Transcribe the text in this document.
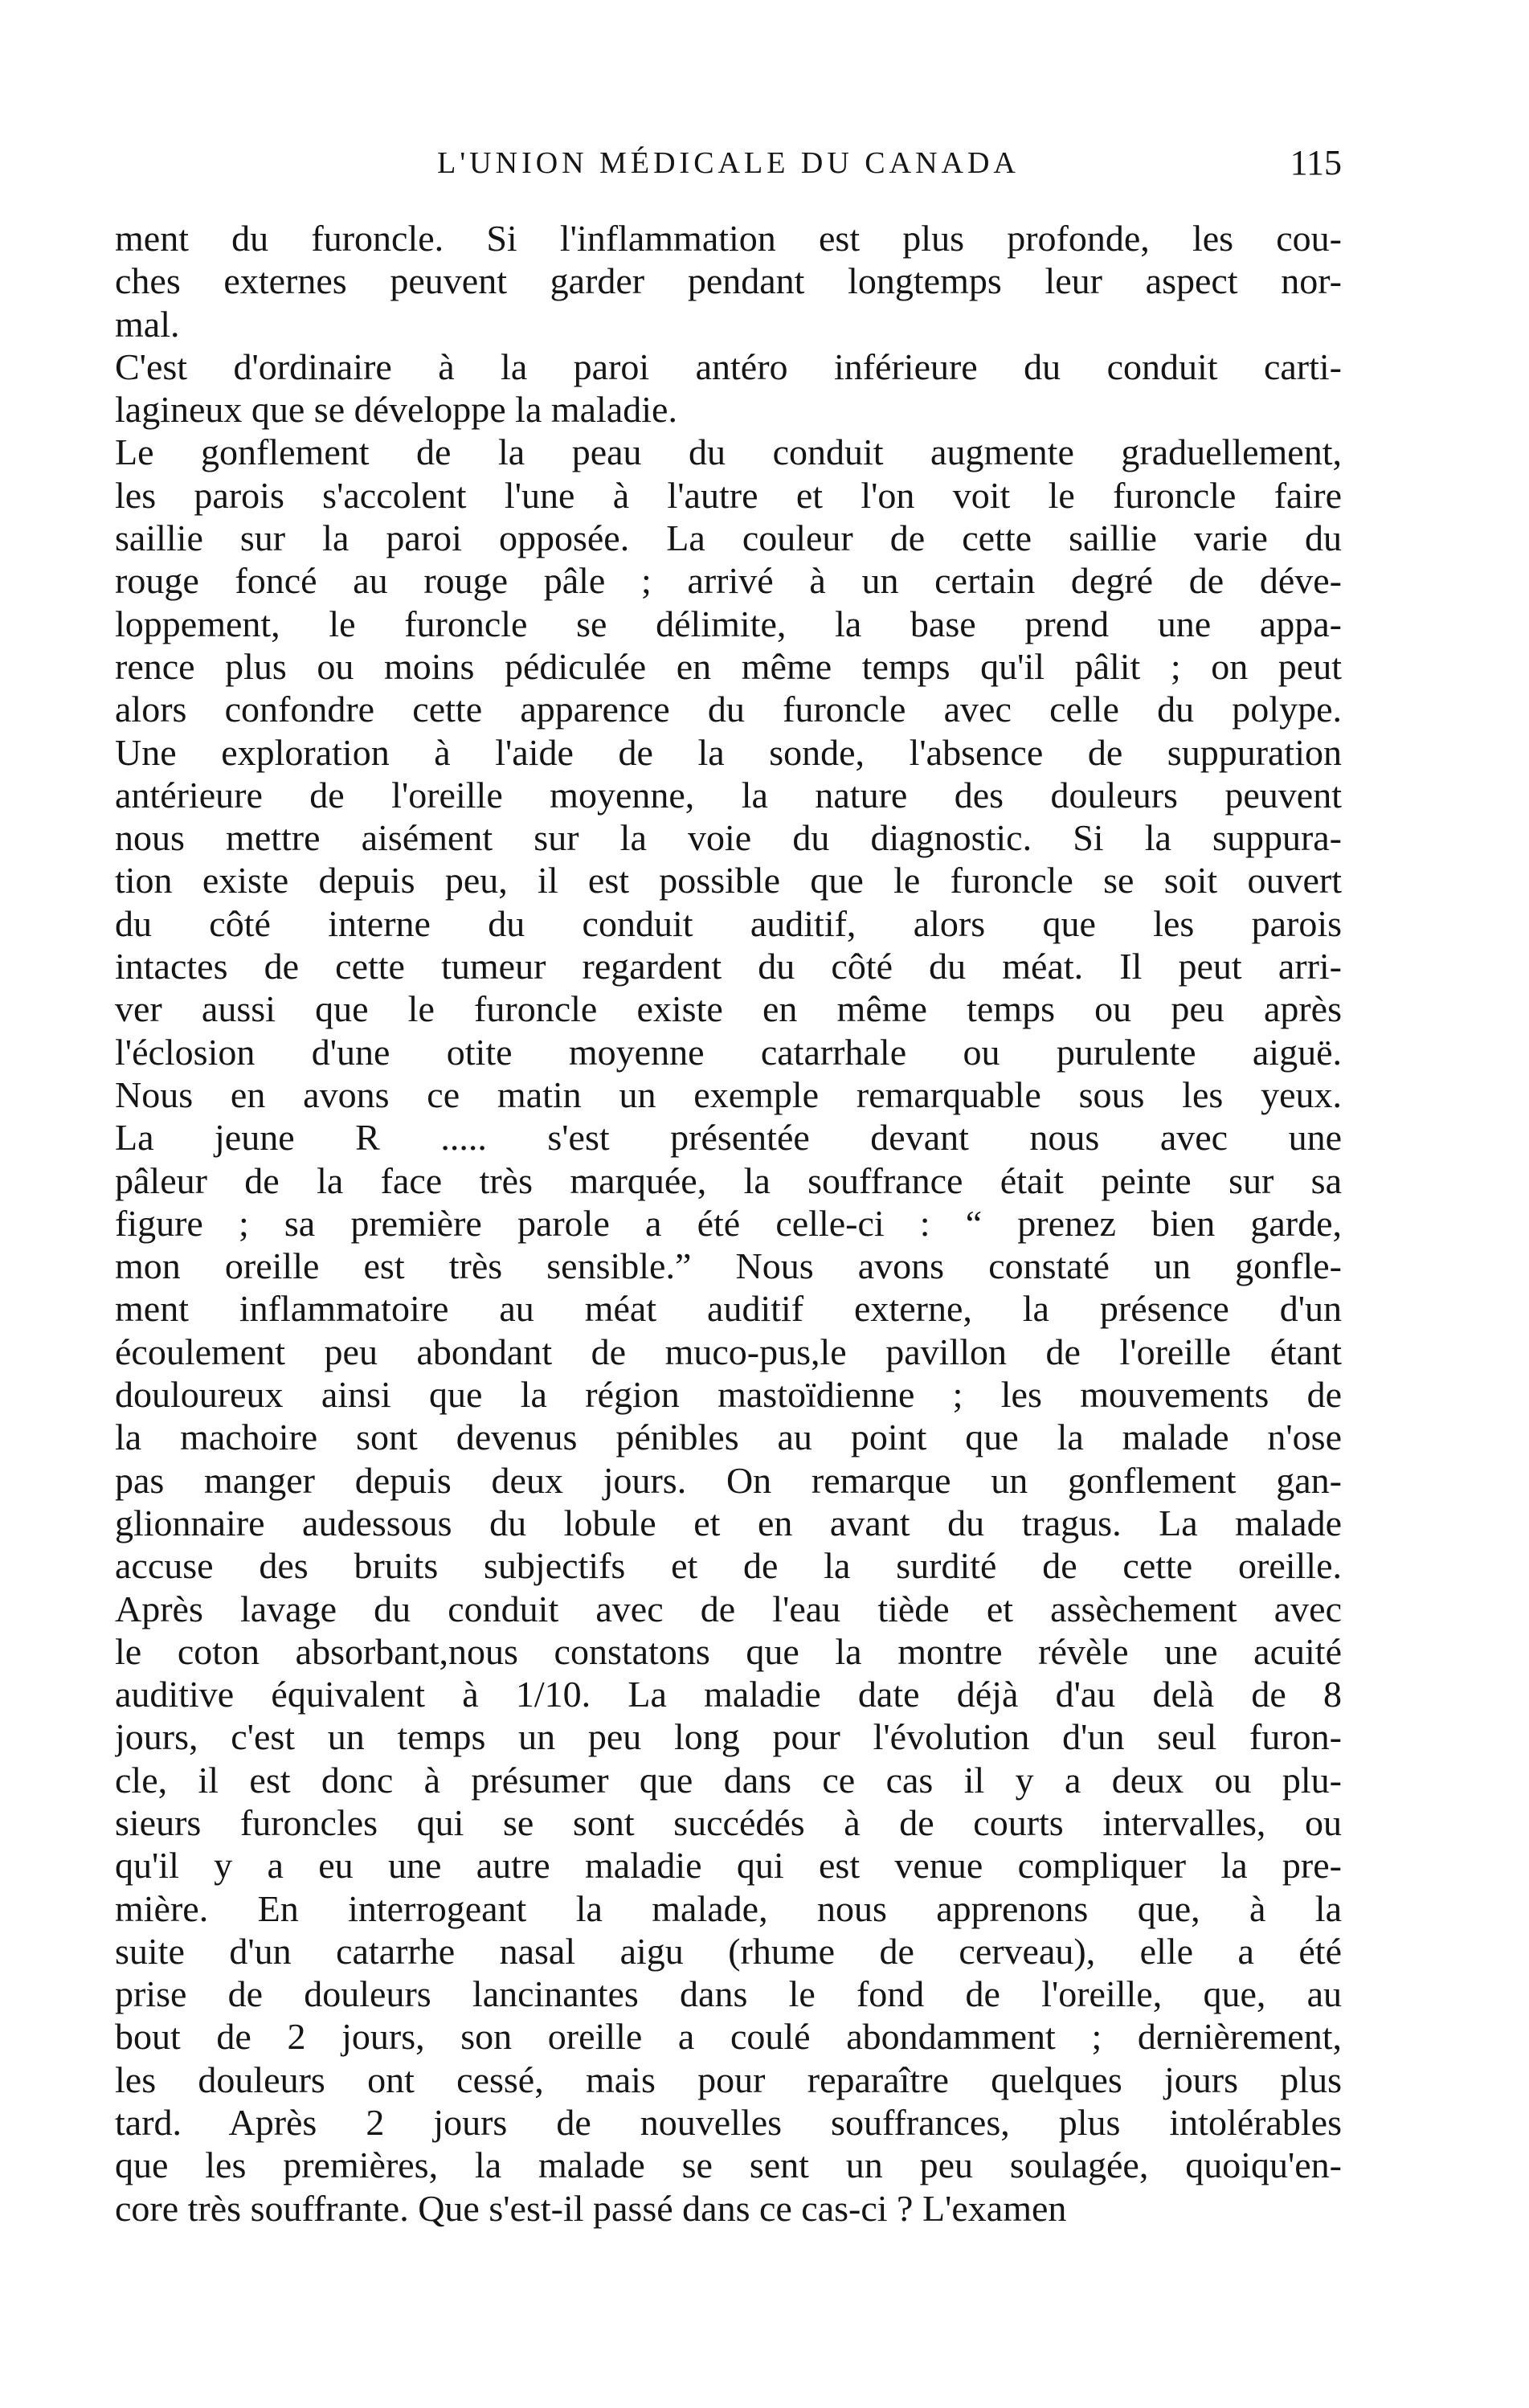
L'UNION MÉDICALE DU CANADA	115
ment du furoncle. Si l'inflammation est plus profonde, les cou-
ches externes peuvent garder pendant longtemps leur aspect nor-
mal.
C'est d'ordinaire à la paroi antéro inférieure du conduit carti-
lagineux que se développe la maladie.
Le gonflement de la peau du conduit augmente graduellement,
les parois s'accolent l'une à l'autre et l'on voit le furoncle faire
saillie sur la paroi opposée. La couleur de cette saillie varie du
rouge foncé au rouge pâle ; arrivé à un certain degré de déve-
loppement, le furoncle se délimite, la base prend une appa-
rence plus ou moins pédiculée en même temps qu'il pâlit ; on peut
alors confondre cette apparence du furoncle avec celle du polype.
Une exploration à l'aide de la sonde, l'absence de suppuration
antérieure de l'oreille moyenne, la nature des douleurs peuvent
nous mettre aisément sur la voie du diagnostic. Si la suppura-
tion existe depuis peu, il est possible que le furoncle se soit ouvert
du côté interne du conduit auditif, alors que les parois
intactes de cette tumeur regardent du côté du méat. Il peut arri-
ver aussi que le furoncle existe en même temps ou peu après
l'éclosion d'une otite moyenne catarrhale ou purulente aiguë.
Nous en avons ce matin un exemple remarquable sous les yeux.
La jeune R ..... s'est présentée devant nous avec une
pâleur de la face très marquée, la souffrance était peinte sur sa
figure ; sa première parole a été celle-ci : “ prenez bien garde,
mon oreille est très sensible.” Nous avons constaté un gonfle-
ment inflammatoire au méat auditif externe, la présence d'un
écoulement peu abondant de muco-pus,le pavillon de l'oreille étant
douloureux ainsi que la région mastoïdienne ; les mouvements de
la machoire sont devenus pénibles au point que la malade n'ose
pas manger depuis deux jours. On remarque un gonflement gan-
glionnaire audessous du lobule et en avant du tragus. La malade
accuse des bruits subjectifs et de la surdité de cette oreille.
Après lavage du conduit avec de l'eau tiède et assèchement avec
le coton absorbant,nous constatons que la montre révèle une acuité
auditive équivalent à 1/10. La maladie date déjà d'au delà de 8
jours, c'est un temps un peu long pour l'évolution d'un seul furon-
cle, il est donc à présumer que dans ce cas il y a deux ou plu-
sieurs furoncles qui se sont succédés à de courts intervalles, ou
qu'il y a eu une autre maladie qui est venue compliquer la pre-
mière. En interrogeant la malade, nous apprenons que, à la
suite d'un catarrhe nasal aigu (rhume de cerveau), elle a été
prise de douleurs lancinantes dans le fond de l'oreille, que, au
bout de 2 jours, son oreille a coulé abondamment ; dernièrement,
les douleurs ont cessé, mais pour reparaître quelques jours plus
tard. Après 2 jours de nouvelles souffrances, plus intolérables
que les premières, la malade se sent un peu soulagée, quoiqu'en-
core très souffrante. Que s'est-il passé dans ce cas-ci ? L'examen
